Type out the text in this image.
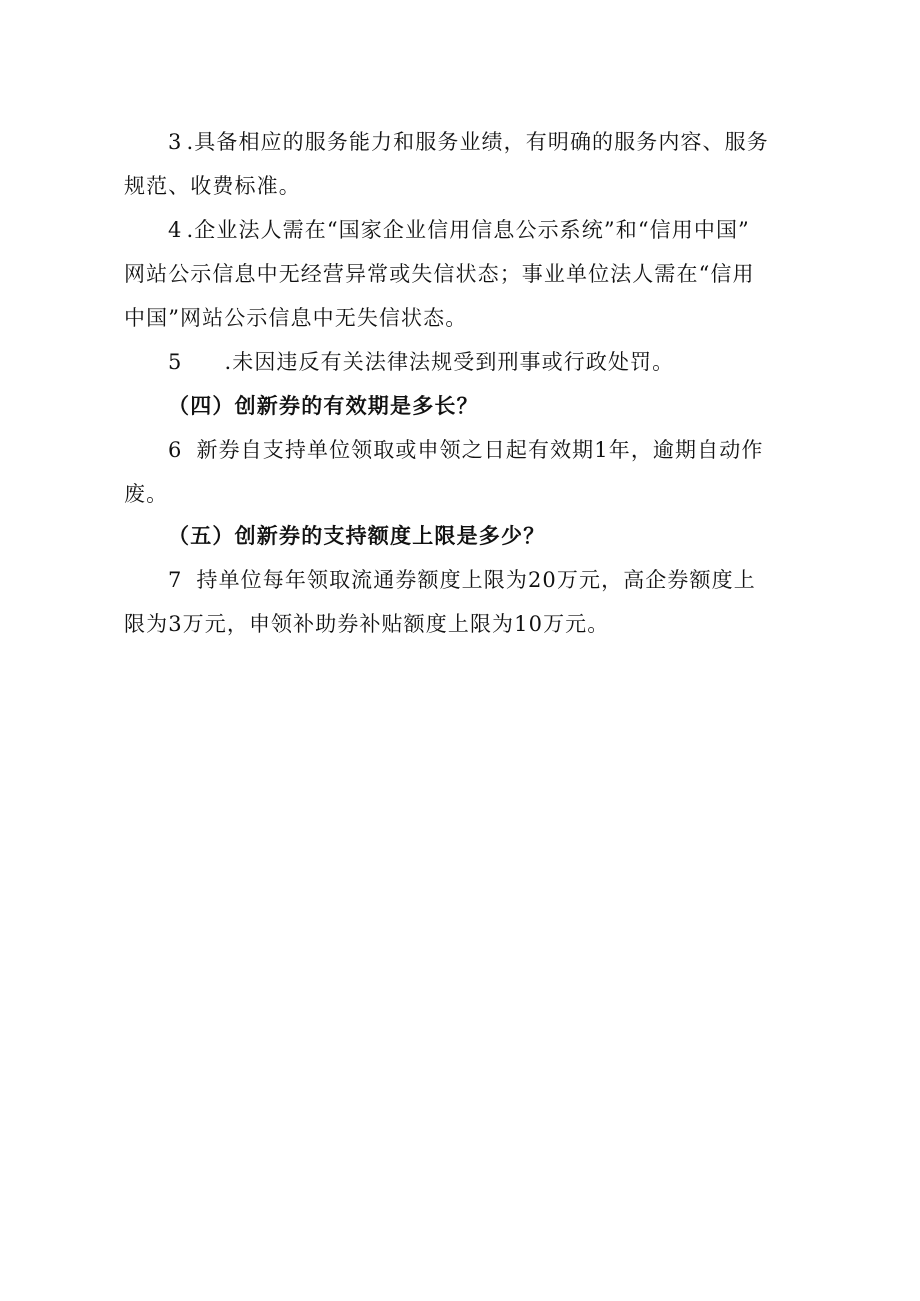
3 .具备相应的服务能力和服务业绩，有明确的服务内容、服务
规范、收费标准。
4 .企业法人需在“国家企业信用信息公示系统”和“信用中国”
网站公示信息中无经营异常或失信状态；事业单位法人需在“信用
中国”网站公示信息中无失信状态。
5 .未因违反有关法律法规受到刑事或行政处罚。
（四）创新券的有效期是多长？
6 新券自支持单位领取或申领之日起有效期1年，逾期自动作
废。
（五）创新券的支持额度上限是多少？
7 持单位每年领取流通券额度上限为20万元，高企券额度上
限为3万元，申领补助券补贴额度上限为10万元。
